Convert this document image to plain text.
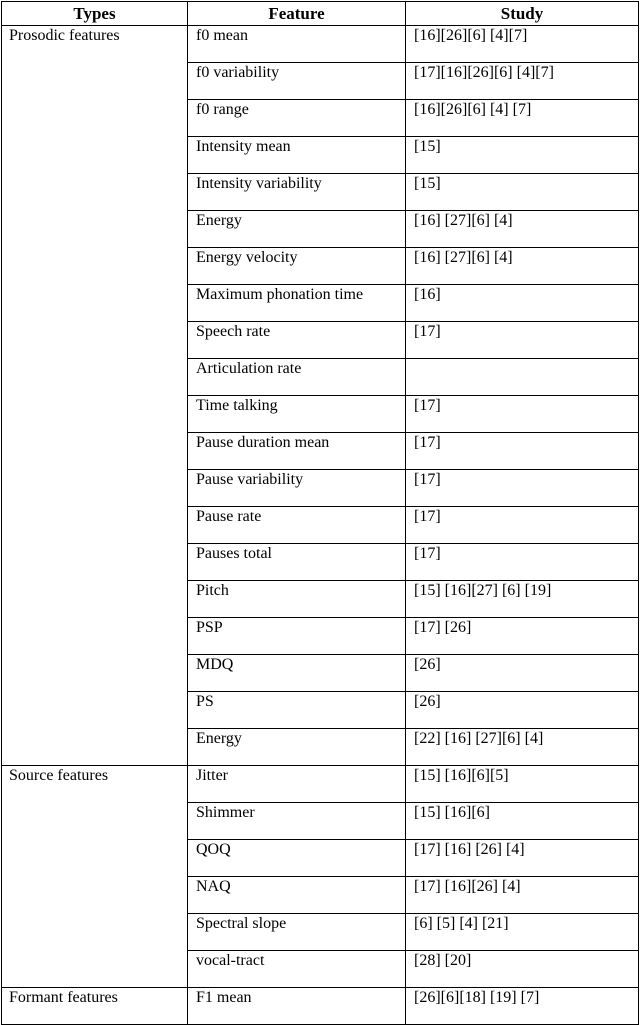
Types	Feature	Study
Prosodic features	f0 mean	[16][26][6] [4][7]
	f0 variability	[17][16][26][6] [4][7]
	f0 range	[16][26][6] [4] [7]
	Intensity mean	[15]
	Intensity variability	[15]
	Energy	[16] [27][6] [4]
	Energy velocity	[16] [27][6] [4]
	Maximum phonation time	[16]
	Speech rate	[17]
	Articulation rate	
	Time talking	[17]
	Pause duration mean	[17]
	Pause variability	[17]
	Pause rate	[17]
	Pauses total	[17]
	Pitch	[15] [16][27] [6] [19]
	PSP	[17] [26]
	MDQ	[26]
	PS	[26]
	Energy	[22] [16] [27][6] [4]
Source features	Jitter	[15] [16][6][5]
	Shimmer	[15] [16][6]
	QOQ	[17] [16] [26] [4]
	NAQ	[17] [16][26] [4]
	Spectral slope	[6] [5] [4] [21]
	vocal-tract	[28] [20]
Formant features	F1 mean	[26][6][18] [19] [7]
